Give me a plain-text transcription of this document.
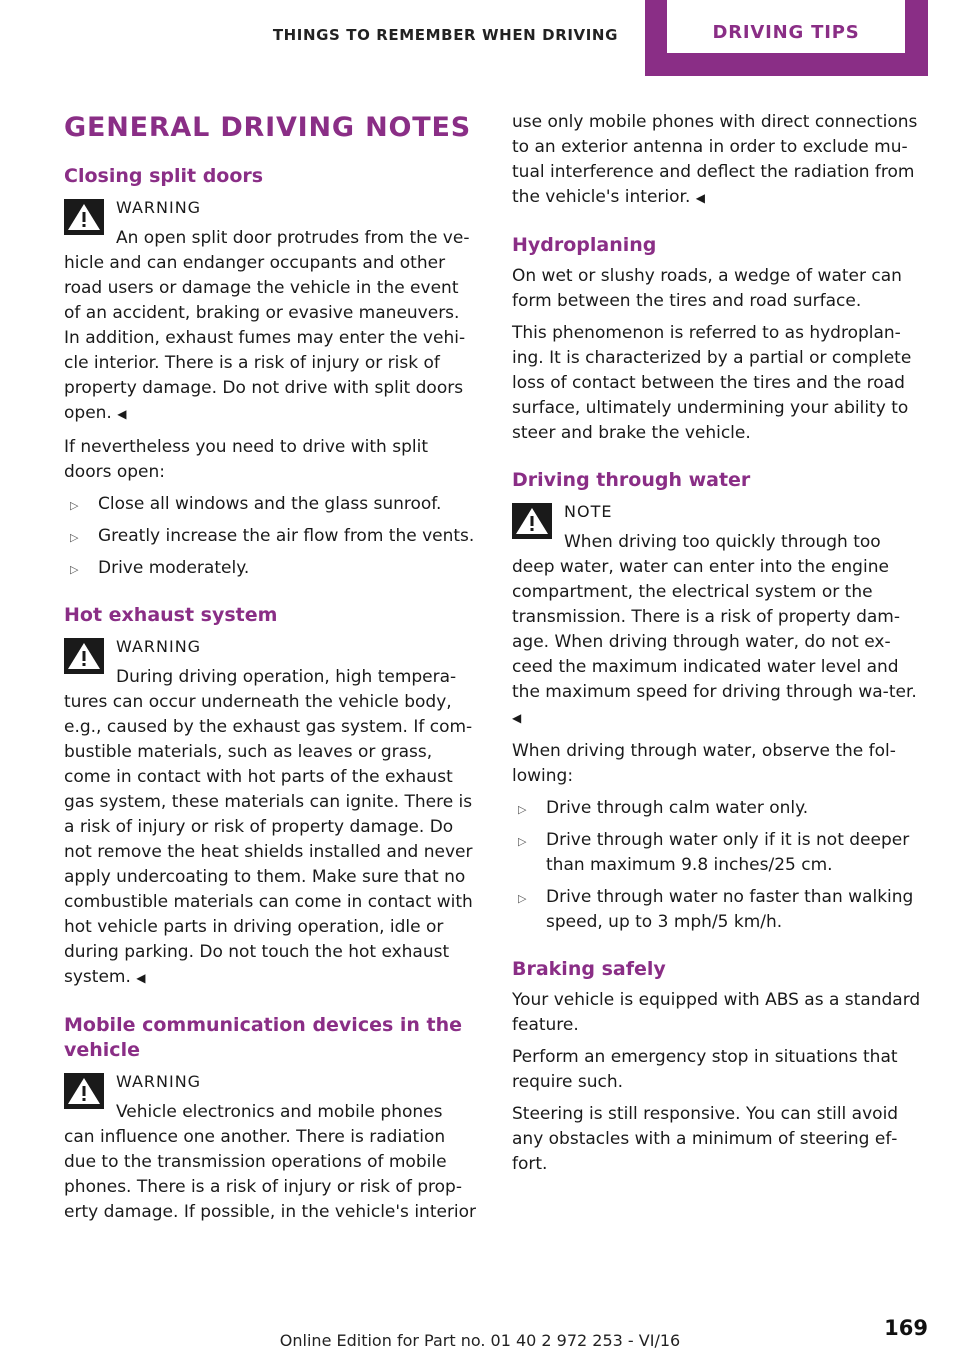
THINGS TO REMEMBER WHEN DRIVING	DRIVING TIPS
GENERAL DRIVING NOTES
Closing split doors
WARNING
An open split door protrudes from the ve‐
hicle and can endanger occupants and other road users or damage the vehicle in the event of an accident, braking or evasive maneuvers. In addition, exhaust fumes may enter the vehi‐cle interior. There is a risk of injury or risk of property damage. Do not drive with split doors open. ◀

If nevertheless you need to drive with split doors open:

▷ Close all windows and the glass sunroof.
▷ Greatly increase the air flow from the vents.
▷ Drive moderately.
Hot exhaust system
WARNING
During driving operation, high tempera‐
tures can occur underneath the vehicle body, e.g., caused by the exhaust gas system. If com‐bustible materials, such as leaves or grass, come in contact with hot parts of the exhaust gas system, these materials can ignite. There is a risk of injury or risk of property damage. Do not remove the heat shields installed and never apply undercoating to them. Make sure that no combustible materials can come in contact with hot vehicle parts in driving operation, idle or during parking. Do not touch the hot exhaust system. ◀
Mobile communication devices in the vehicle
WARNING
Vehicle electronics and mobile phones
can influence one another. There is radiation due to the transmission operations of mobile phones. There is a risk of injury or risk of prop‐erty damage. If possible, in the vehicle's interior

use only mobile phones with direct connections to an exterior antenna in order to exclude mu‐tual interference and deflect the radiation from the vehicle's interior. ◀

Hydroplaning

On wet or slushy roads, a wedge of water can form between the tires and road surface.

This phenomenon is referred to as hydroplan‐ing. It is characterized by a partial or complete loss of contact between the tires and the road surface, ultimately undermining your ability to steer and brake the vehicle.

Driving through water
NOTE
When driving too quickly through too
deep water, water can enter into the engine compartment, the electrical system or the transmission. There is a risk of property dam‐age. When driving through water, do not ex‐ceed the maximum indicated water level and the maximum speed for driving through wa‐ter. ◀

When driving through water, observe the fol‐lowing:

▷ Drive through calm water only.
▷ Drive through water only if it is not deeper than maximum 9.8 inches/25 cm.
▷ Drive through water no faster than walking speed, up to 3 mph/5 km/h.
Braking safely

Your vehicle is equipped with ABS as a standard feature.

Perform an emergency stop in situations that require such.

Steering is still responsive. You can still avoid any obstacles with a minimum of steering ef‐fort.

Online Edition for Part no. 01 40 2 972 253 - VI/16
169
